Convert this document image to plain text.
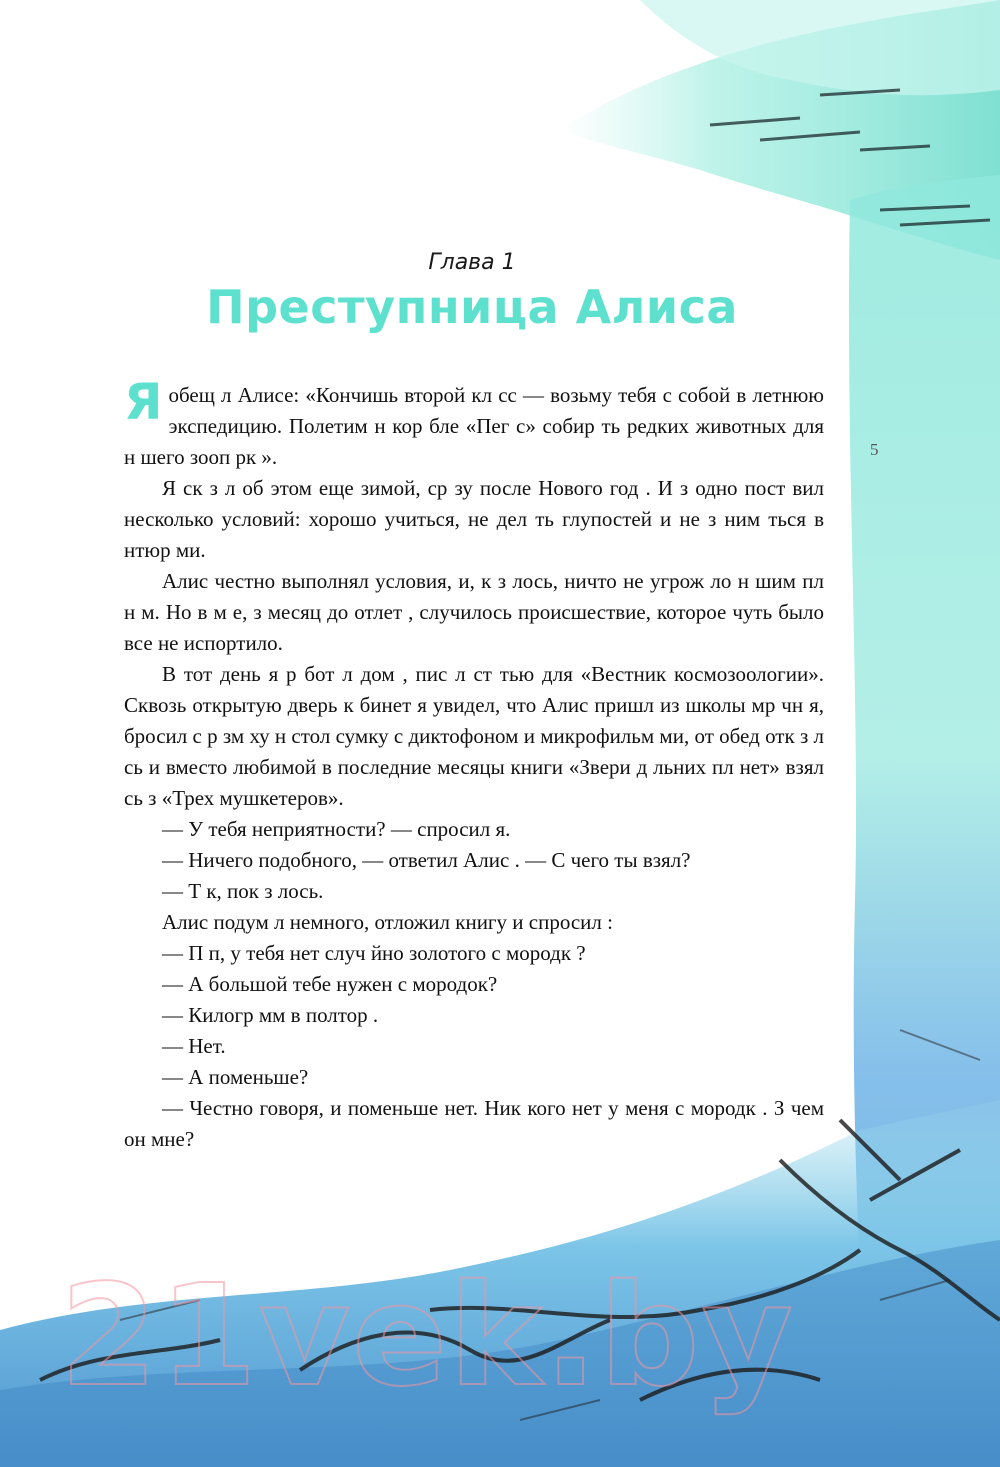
21vek.by
Глава 1
Преступница Алиса
5

Я обещ л Алисе: «Кончишь второй кл сс — возьму тебя с собой в летнюю экспедицию. Полетим н кор бле «Пег с» собир ть редких животных для н шего зооп рк ».

Я ск з л об этом еще зимой, ср зу после Нового год . И з одно пост вил несколько условий: хорошо учиться, не дел ть глупостей и не з ним ться в нтюр ми.

Алис честно выполнял условия, и, к з лось, ничто не угрож ло н шим пл н м. Но в м е, з месяц до отлет , случилось происшествие, которое чуть было все не испортило.

В тот день я р бот л дом , пис л ст тью для «Вестник космозоологии». Сквозь открытую дверь к бинет я увидел, что Алис пришл из школы мр чн я, бросил с р зм ху н стол сумку с диктофоном и микрофильм ми, от обед отк з л сь и вместо любимой в последние месяцы книги «Звери д льних пл нет» взял сь з «Трех мушкетеров».

— У тебя неприятности? — спросил я.

— Ничего подобного, — ответил Алис . — С чего ты взял?

— Т к, пок з лось.

Алис подум л немного, отложил книгу и спросил :

— П п, у тебя нет случ йно золотого с мородк ?

— А большой тебе нужен с мородок?

— Килогр мм в полтор .

— Нет.

— А поменьше?

— Честно говоря, и поменьше нет. Ник кого нет у меня с мородк . З чем он мне?
